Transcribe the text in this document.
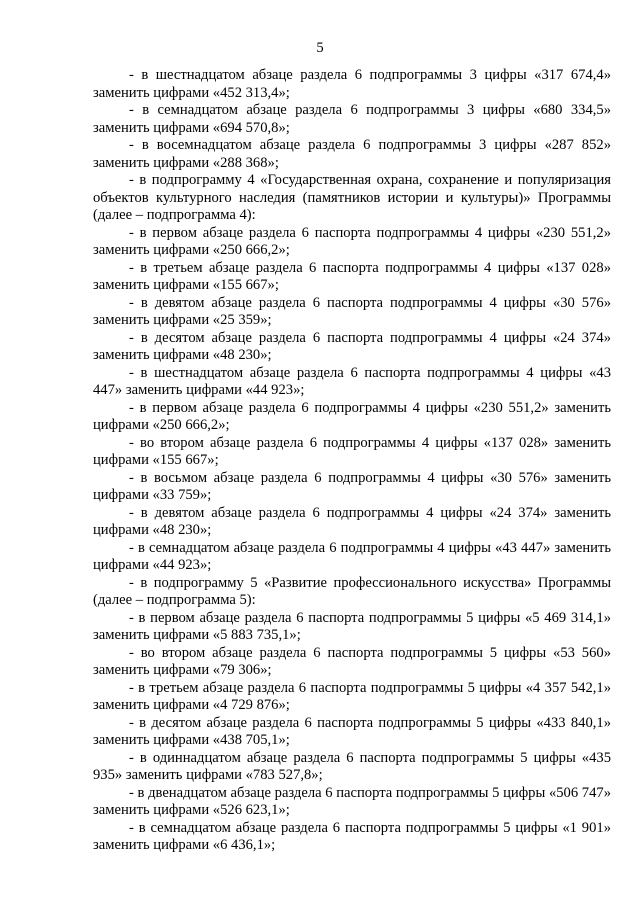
5

- в шестнадцатом абзаце раздела 6 подпрограммы 3 цифры «317 674,4» заменить цифрами «452 313,4»;

- в семнадцатом абзаце раздела 6 подпрограммы 3 цифры «680 334,5» заменить цифрами «694 570,8»;

- в восемнадцатом абзаце раздела 6 подпрограммы 3 цифры «287 852» заменить цифрами «288 368»;

- в подпрограмму 4 «Государственная охрана, сохранение и популяризация объектов культурного наследия (памятников истории и культуры)» Программы (далее – подпрограмма 4):

- в первом абзаце раздела 6 паспорта подпрограммы 4 цифры «230 551,2» заменить цифрами «250 666,2»;

- в третьем абзаце раздела 6 паспорта подпрограммы 4 цифры «137 028» заменить цифрами «155 667»;

- в девятом абзаце раздела 6 паспорта подпрограммы 4 цифры «30 576» заменить цифрами «25 359»;

- в десятом абзаце раздела 6 паспорта подпрограммы 4 цифры «24 374» заменить цифрами «48 230»;

- в шестнадцатом абзаце раздела 6 паспорта подпрограммы 4 цифры «43 447» заменить цифрами «44 923»;

- в первом абзаце раздела 6 подпрограммы 4 цифры «230 551,2» заменить цифрами «250 666,2»;

- во втором абзаце раздела 6 подпрограммы 4 цифры «137 028» заменить цифрами «155 667»;

- в восьмом абзаце раздела 6 подпрограммы 4 цифры «30 576» заменить цифрами «33 759»;

- в девятом абзаце раздела 6 подпрограммы 4 цифры «24 374» заменить цифрами «48 230»;

- в семнадцатом абзаце раздела 6 подпрограммы 4 цифры «43 447» заменить цифрами «44 923»;

- в подпрограмму 5 «Развитие профессионального искусства» Программы (далее – подпрограмма 5):

- в первом абзаце раздела 6 паспорта подпрограммы 5 цифры «5 469 314,1» заменить цифрами «5 883 735,1»;

- во втором абзаце раздела 6 паспорта подпрограммы 5 цифры «53 560» заменить цифрами «79 306»;

- в третьем абзаце раздела 6 паспорта подпрограммы 5 цифры «4 357 542,1» заменить цифрами «4 729 876»;

- в десятом абзаце раздела 6 паспорта подпрограммы 5 цифры «433 840,1» заменить цифрами «438 705,1»;

- в одиннадцатом абзаце раздела 6 паспорта подпрограммы 5 цифры «435 935» заменить цифрами «783 527,8»;

- в двенадцатом абзаце раздела 6 паспорта подпрограммы 5 цифры «506 747» заменить цифрами «526 623,1»;

- в семнадцатом абзаце раздела 6 паспорта подпрограммы 5 цифры «1 901» заменить цифрами «6 436,1»;
